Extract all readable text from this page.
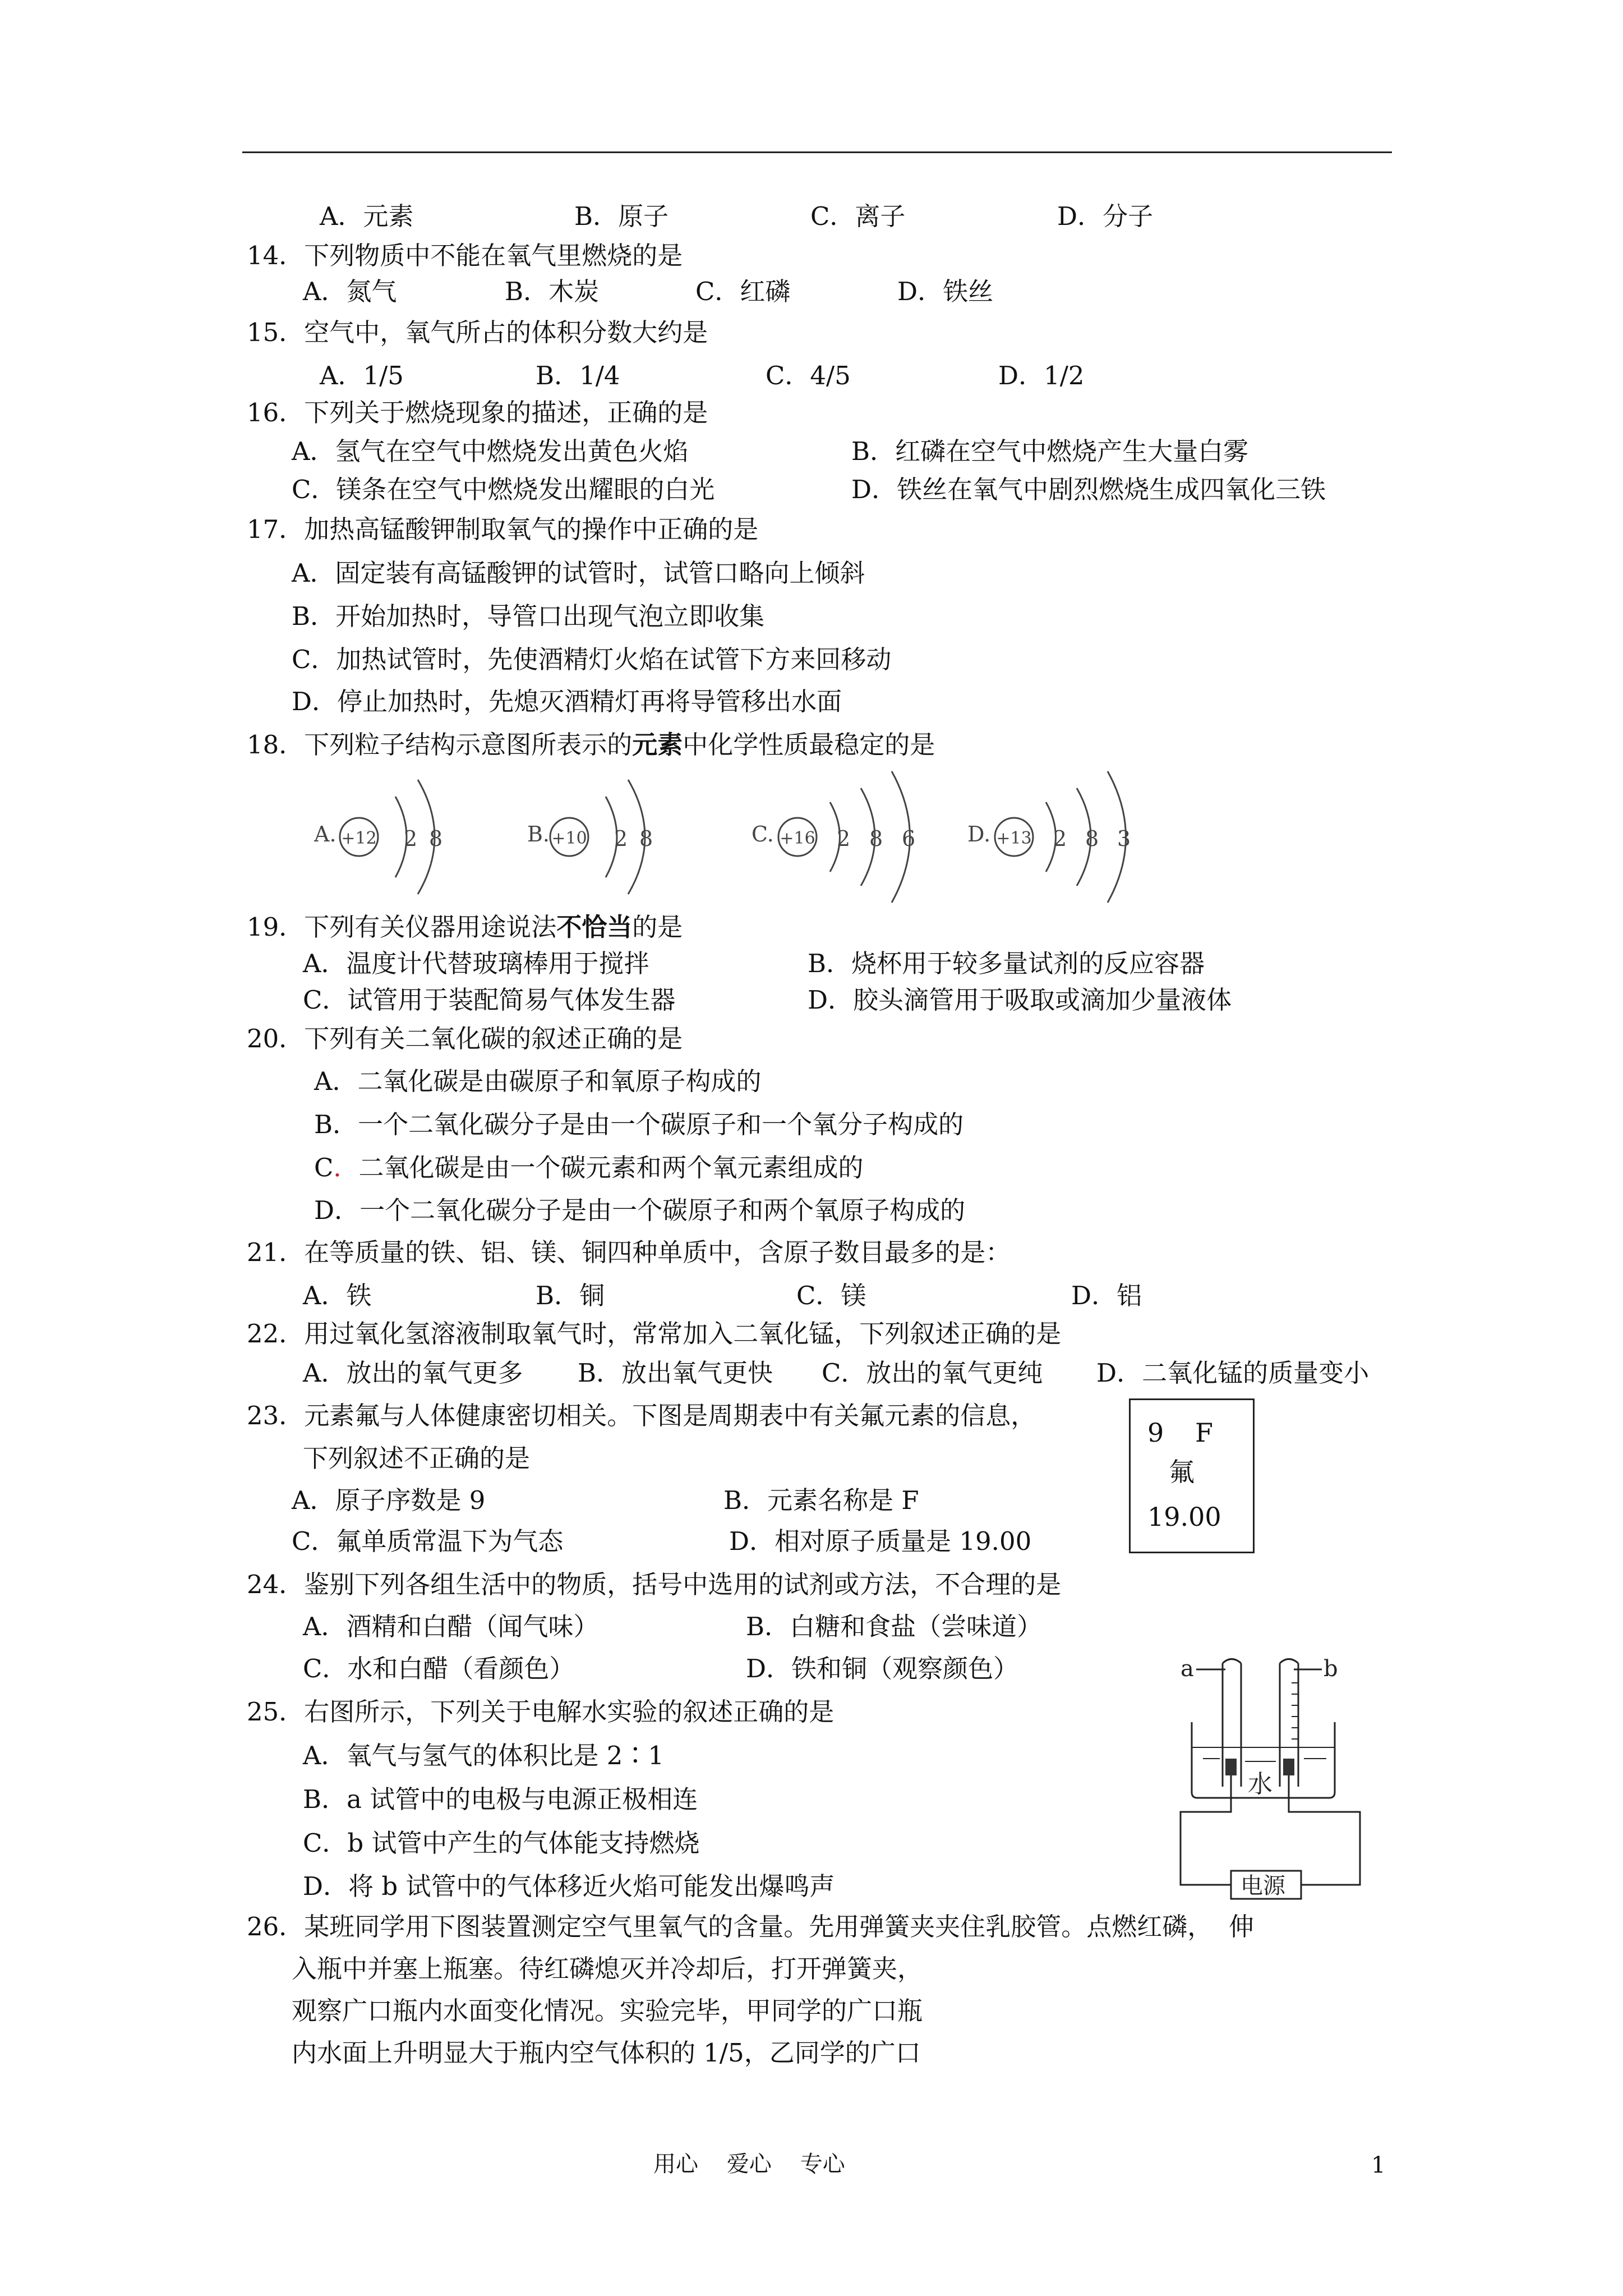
A．元素	B．原子	C．离子	D．分子
14．下列物质中不能在氧气里燃烧的是
A．氮气	B．木炭	C．红磷	D．铁丝
15．空气中，氧气所占的体积分数大约是
A．1/5	B．1/4	C．4/5	D．1/2
16．下列关于燃烧现象的描述，正确的是
A．氢气在空气中燃烧发出黄色火焰	B．红磷在空气中燃烧产生大量白雾
C．镁条在空气中燃烧发出耀眼的白光	D．铁丝在氧气中剧烈燃烧生成四氧化三铁
17．加热高锰酸钾制取氧气的操作中正确的是
A．固定装有高锰酸钾的试管时，试管口略向上倾斜
B．开始加热时，导管口出现气泡立即收集
C．加热试管时，先使酒精灯火焰在试管下方来回移动
D．停止加热时，先熄灭酒精灯再将导管移出水面
18．下列粒子结构示意图所表示的元素中化学性质最稳定的是
A. +12 2 8	B. +10 2 8	C. +16 2 8 6 D. +13 2 8 3
19．下列有关仪器用途说法不恰当的是
A．温度计代替玻璃棒用于搅拌	B．烧杯用于较多量试剂的反应容器
C．试管用于装配简易气体发生器	D．胶头滴管用于吸取或滴加少量液体
20．下列有关二氧化碳的叙述正确的是
A．二氧化碳是由碳原子和氧原子构成的
B．一个二氧化碳分子是由一个碳原子和一个氧分子构成的
C．二氧化碳是由一个碳元素和两个氧元素组成的
D．一个二氧化碳分子是由一个碳原子和两个氧原子构成的
21．在等质量的铁、铝、镁、铜四种单质中，含原子数目最多的是：
A．铁	B．铜	C．镁	D．铝
22．用过氧化氢溶液制取氧气时，常常加入二氧化锰，下列叙述正确的是
A．放出的氧气更多 B．放出氧气更快 C．放出的氧气更纯 D．二氧化锰的质量变小
23．元素氟与人体健康密切相关。下图是周期表中有关氟元素的信息，
下列叙述不正确的是
A．原子序数是 9	B．元素名称是 F
C．氟单质常温下为气态	D．相对原子质量是 19.00
9 F
氟
19.00
24．鉴别下列各组生活中的物质，括号中选用的试剂或方法，不合理的是
A．酒精和白醋（闻气味）	B．白糖和食盐（尝味道）
C．水和白醋（看颜色）	D．铁和铜（观察颜色）
25．右图所示，下列关于电解水实验的叙述正确的是
A．氧气与氢气的体积比是 2∶1
B．a 试管中的电极与电源正极相连
C．b 试管中产生的气体能支持燃烧
D．将 b 试管中的气体移近火焰可能发出爆鸣声
a	b
水
电源
26．某班同学用下图装置测定空气里氧气的含量。先用弹簧夹夹住乳胶管。点燃红磷，  伸
入瓶中并塞上瓶塞。待红磷熄灭并冷却后，打开弹簧夹，
观察广口瓶内水面变化情况。实验完毕，甲同学的广口瓶
内水面上升明显大于瓶内空气体积的 1/5，乙同学的广口
用心    爱心    专心	1
